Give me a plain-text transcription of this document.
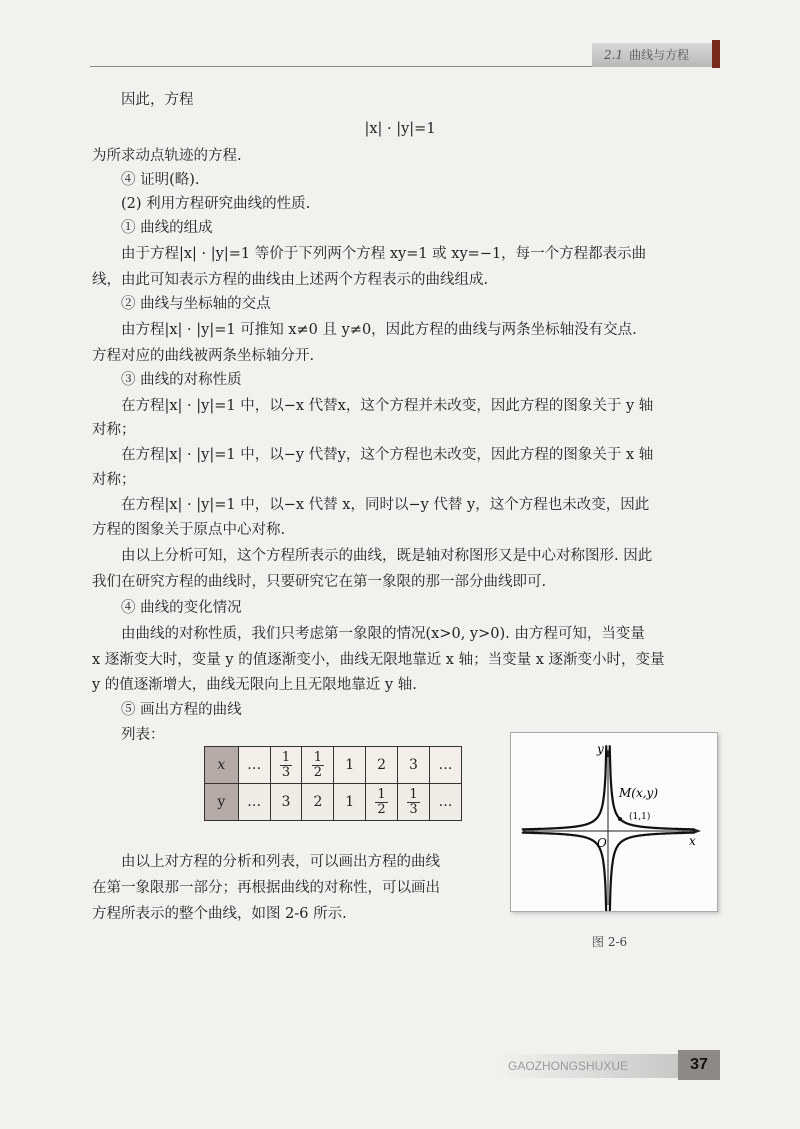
2.1 曲线与方程
因此，方程
|x| · |y|=1
为所求动点轨迹的方程.
④ 证明(略).
(2) 利用方程研究曲线的性质.
① 曲线的组成
由于方程|x| · |y|=1 等价于下列两个方程 xy=1 或 xy=−1，每一个方程都表示曲
线，由此可知表示方程的曲线由上述两个方程表示的曲线组成.
② 曲线与坐标轴的交点
由方程|x| · |y|=1 可推知 x≠0 且 y≠0，因此方程的曲线与两条坐标轴没有交点.
方程对应的曲线被两条坐标轴分开.
③ 曲线的对称性质
在方程|x| · |y|=1 中，以−x 代替x，这个方程并未改变，因此方程的图象关于 y 轴
对称；
在方程|x| · |y|=1 中，以−y 代替y，这个方程也未改变，因此方程的图象关于 x 轴
对称；
在方程|x| · |y|=1 中，以−x 代替 x，同时以−y 代替 y，这个方程也未改变，因此
方程的图象关于原点中心对称.
由以上分析可知，这个方程所表示的曲线，既是轴对称图形又是中心对称图形. 因此
我们在研究方程的曲线时，只要研究它在第一象限的那一部分曲线即可.
④ 曲线的变化情况
由曲线的对称性质，我们只考虑第一象限的情况(x>0, y>0). 由方程可知，当变量
x 逐渐变大时，变量 y 的值逐渐变小，曲线无限地靠近 x 轴；当变量 x 逐渐变小时，变量
y 的值逐渐增大，曲线无限向上且无限地靠近 y 轴.
⑤ 画出方程的曲线
列表：
x	…	$\frac{1}{3}$	$\frac{1}{2}$	1	2	3	…
y	…	3	2	1	$\frac{1}{2}$	$\frac{1}{3}$	…
由以上对方程的分析和列表，可以画出方程的曲线
在第一象限那一部分；再根据曲线的对称性，可以画出
方程所表示的整个曲线，如图 2-6 所示.
y
x
O
M(x,y)
(1,1)
图 2-6
GAOZHONGSHUXUE	37
